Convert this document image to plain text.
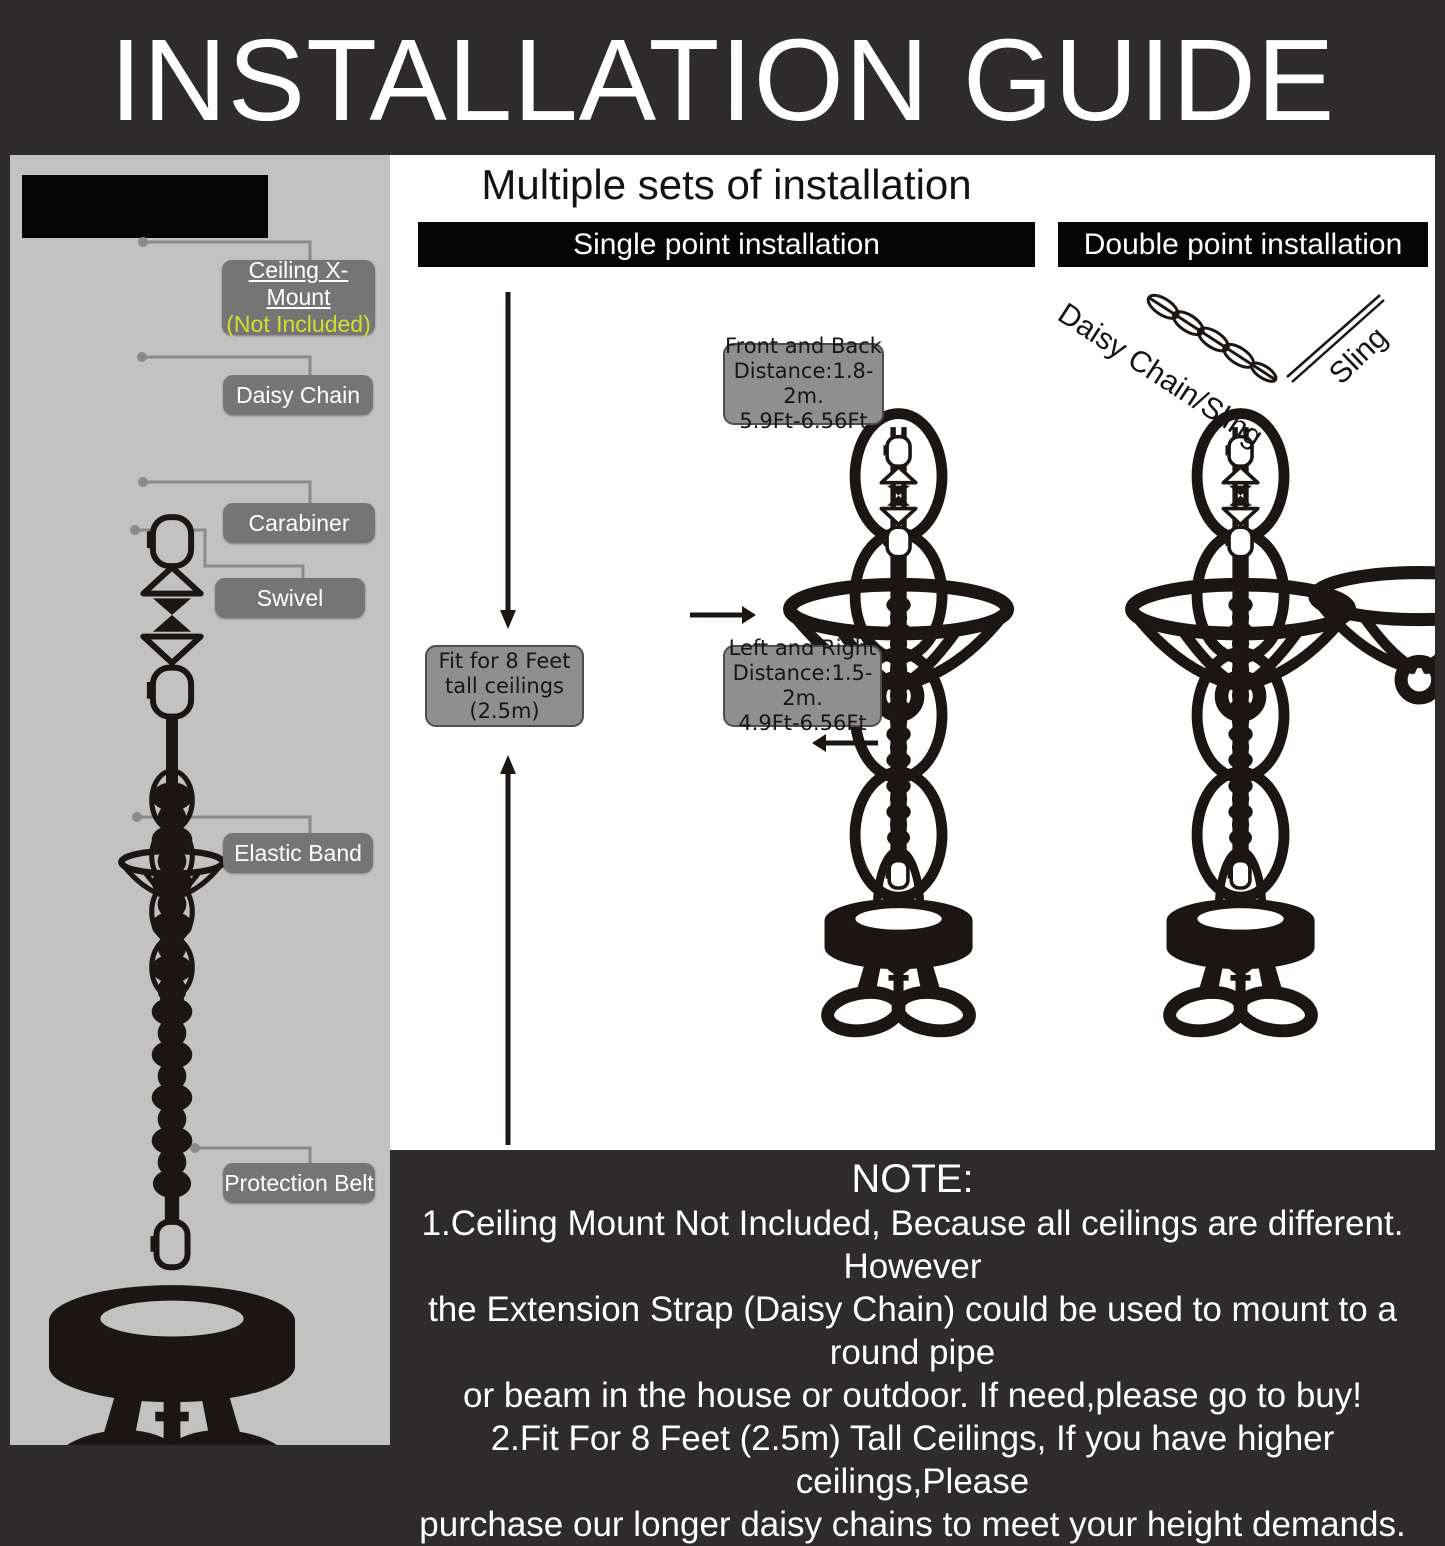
INSTALLATION GUIDE
Ceiling X-Mount
(Not Included)
Daisy Chain
Carabiner
Swivel
Elastic Band
Protection Belt
Multiple sets of installation
Single point installation	Double point installation
Front and Back
Distance:1.8-2m.
5.9Ft-6.56Ft
Fit for 8 Feet
tall ceilings
(2.5m)
Left and Right
Distance:1.5-2m.
4.9Ft-6.56Ft
Daisy Chain/Sling Sling
NOTE:
1.Ceiling Mount Not Included, Because all ceilings are different. However
the Extension Strap (Daisy Chain) could be used to mount to a round pipe
or beam in the house or outdoor. If need,please go to buy!
2.Fit For 8 Feet (2.5m) Tall Ceilings, If you have higher ceilings,Please
purchase our longer daisy chains to meet your height demands.
